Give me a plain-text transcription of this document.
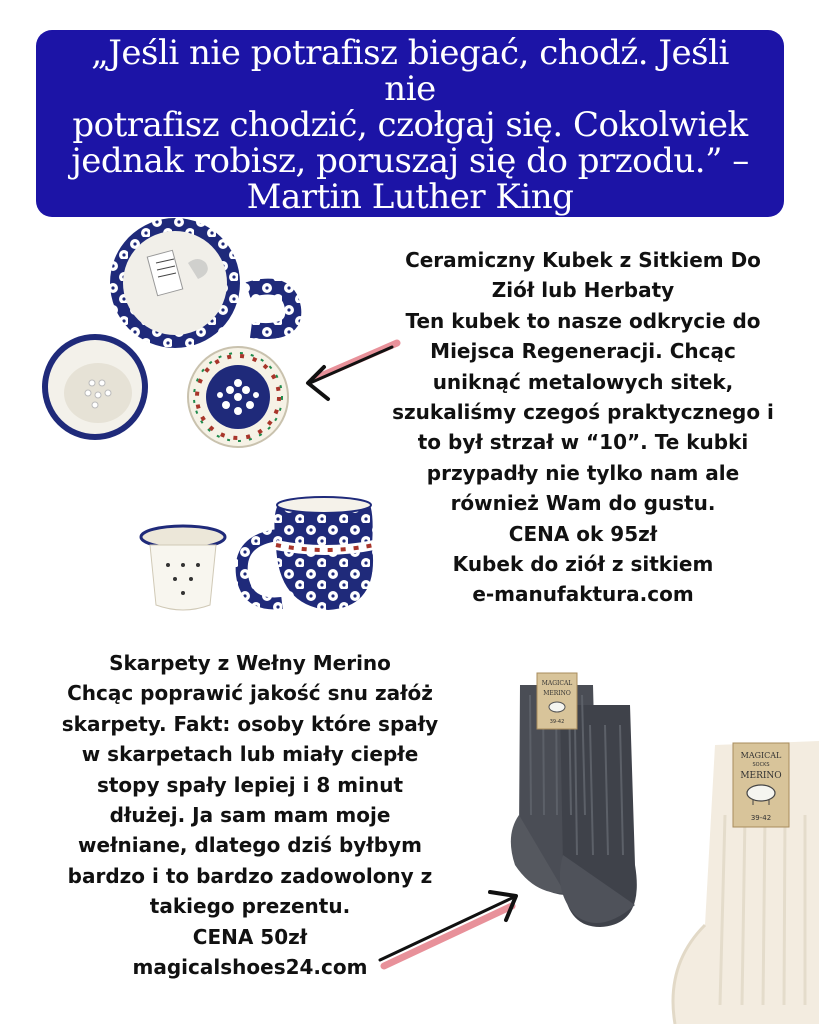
„Jeśli nie potrafisz biegać, chodź. Jeśli nie
potrafisz chodzić, czołgaj się. Cokolwiek
jednak robisz, poruszaj się do przodu.” –
Martin Luther King
Ceramiczny Kubek z Sitkiem Do
Ziół lub Herbaty
Ten kubek to nasze odkrycie do
Miejsca Regeneracji. Chcąc
uniknąć metalowych sitek,
szukaliśmy czegoś praktycznego i
to był strzał w “10”. Te kubki
przypadły nie tylko nam ale
również Wam do gustu.
CENA ok 95zł
Kubek do ziół z sitkiem
e-manufaktura.com
Skarpety z Wełny Merino
Chcąc poprawić jakość snu załóż
skarpety. Fakt: osoby które spały
w skarpetach lub miały ciepłe
stopy spały lepiej i 8 minut
dłużej. Ja sam mam moje
wełniane, dlatego dziś byłbym
bardzo i to bardzo zadowolony z
takiego prezentu.
CENA 50zł
magicalshoes24.com
MAGICAL
MERINO
39-42
MAGICAL
SOCKS
MERINO
39-42
